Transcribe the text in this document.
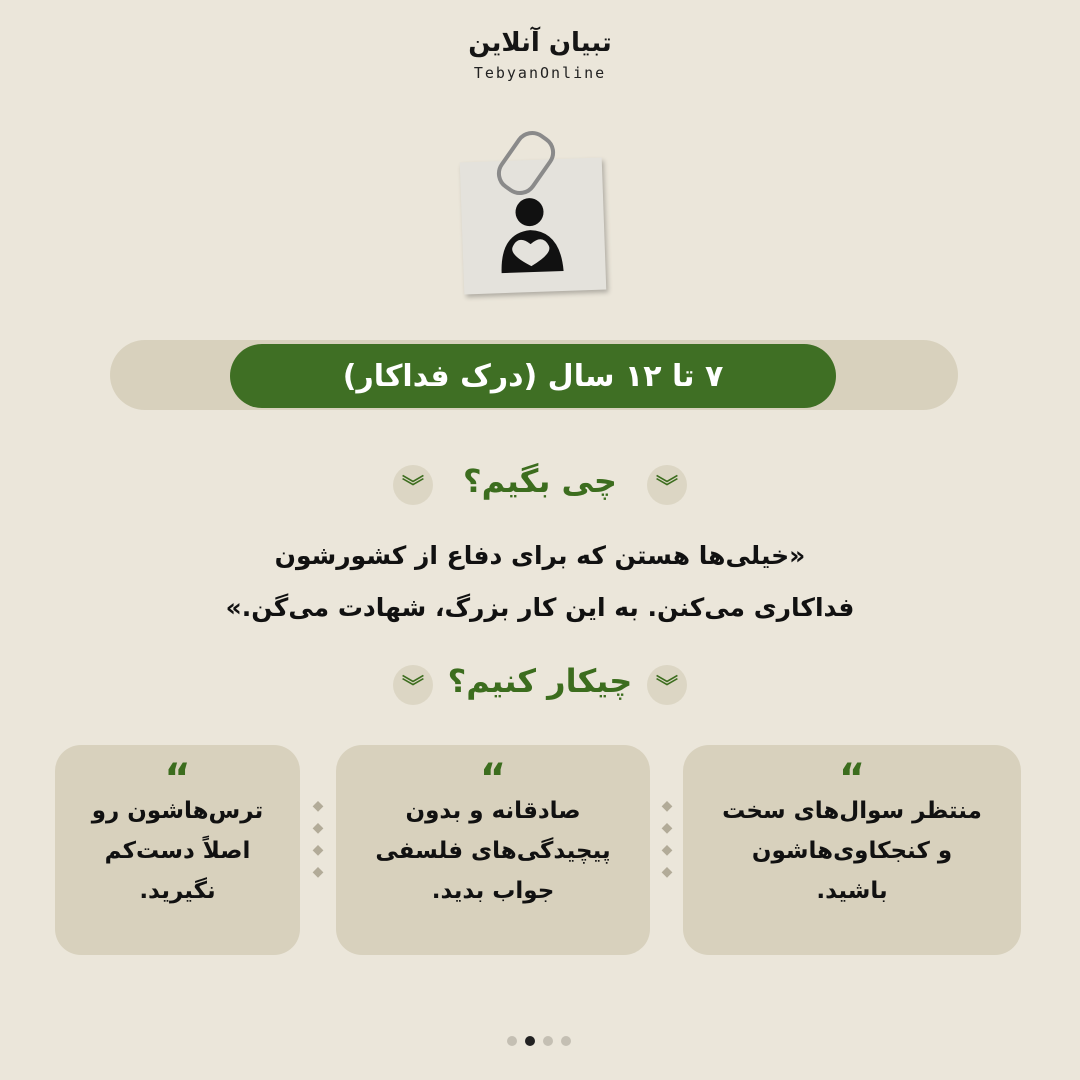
تبیان آنلاین
TebyanOnline
۷ تا ۱۲ سال (درک فداکار)
︾
چی بگیم؟
︾
«خیلی‌ها هستن که برای دفاع از کشورشون
فداکاری می‌کنن. به این کار بزرگ، شهادت می‌گن.»
︾
چیکار کنیم؟
︾
“
منتظر سوال‌های سخت
و کنجکاوی‌هاشون
باشید.
◆
◆
◆
◆
“
صادقانه و بدون
پیچیدگی‌های فلسفی
جواب بدید.
◆
◆
◆
◆
“
ترس‌هاشون رو
اصلاً دست‌کم
نگیرید.
